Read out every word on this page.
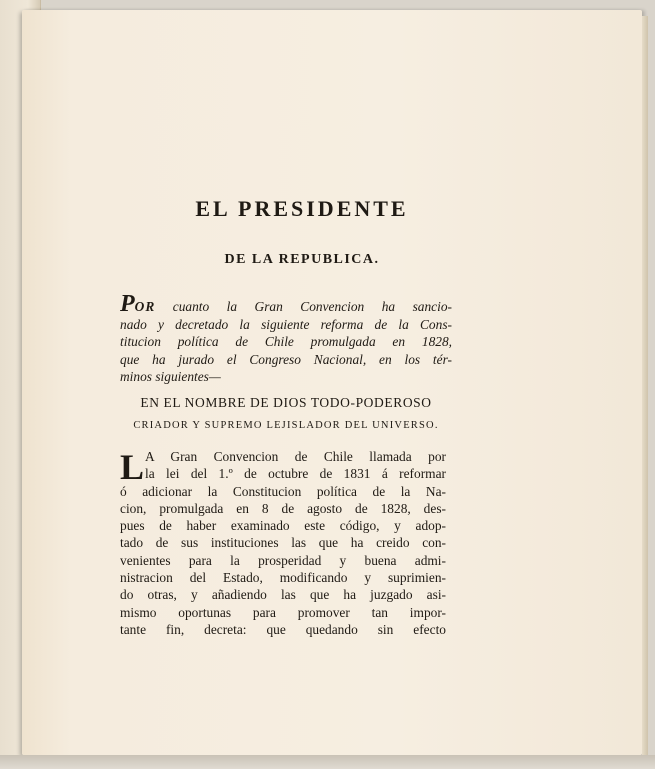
EL PRESIDENTE
DE LA REPUBLICA.
POR cuanto la Gran Convencion ha sancio-
nado y decretado la siguiente reforma de la Cons-
titucion política de Chile promulgada en 1828,
que ha jurado el Congreso Nacional, en los tér-
minos siguientes—
EN EL NOMBRE DE DIOS TODO-PODEROSO
CRIADOR Y SUPREMO LEJISLADOR DEL UNIVERSO.
L A Gran Convencion de Chile llamada por
la lei del 1.º de octubre de 1831 á reformar
ó adicionar la Constitucion política de la Na-
cion, promulgada en 8 de agosto de 1828, des-
pues de haber examinado este código, y adop-
tado de sus instituciones las que ha creido con-
venientes para la prosperidad y buena admi-
nistracion del Estado, modificando y suprimien-
do otras, y añadiendo las que ha juzgado asi-
mismo oportunas para promover tan impor-
tante fin, decreta: que quedando sin efecto
